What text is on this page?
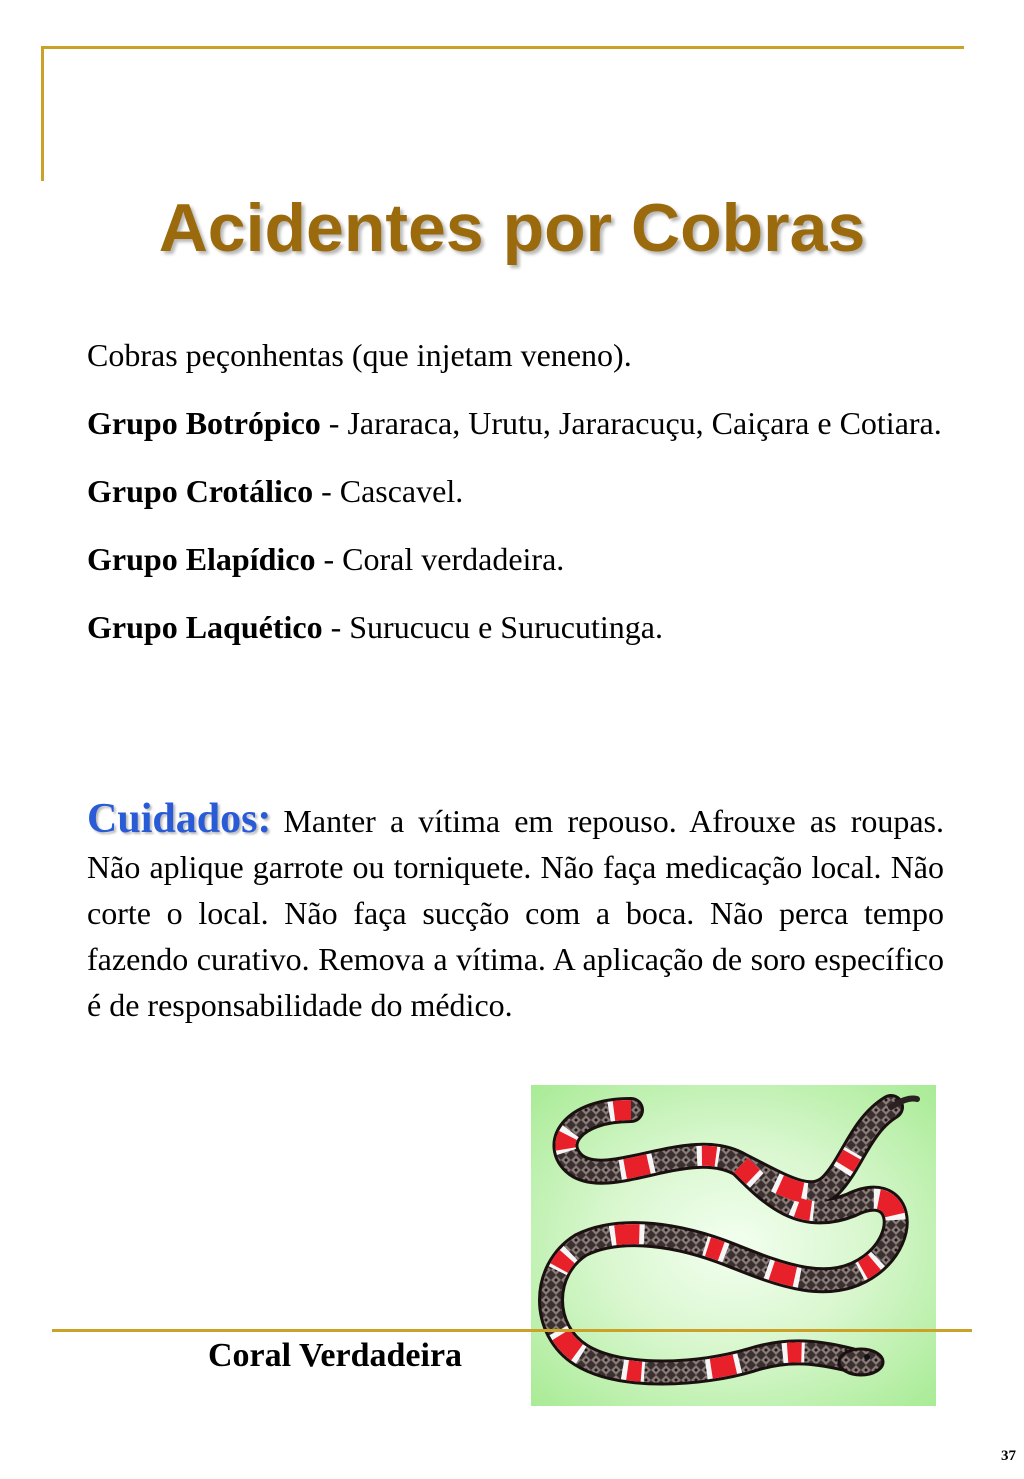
Acidentes por Cobras

Cobras peçonhentas (que injetam veneno).

Grupo Botrópico - Jararaca, Urutu, Jararacuçu, Caiçara e Cotiara.

Grupo Crotálico - Cascavel.

Grupo Elapídico - Coral verdadeira.

Grupo Laquético - Surucucu e Surucutinga.

Cuidados: Manter a vítima em repouso. Afrouxe as roupas. Não aplique garrote ou torniquete. Não faça medicação local. Não corte o local. Não faça sucção com a boca. Não perca tempo fazendo curativo. Remova a vítima. A aplicação de soro específico é de responsabilidade do médico.
Coral Verdadeira
37
